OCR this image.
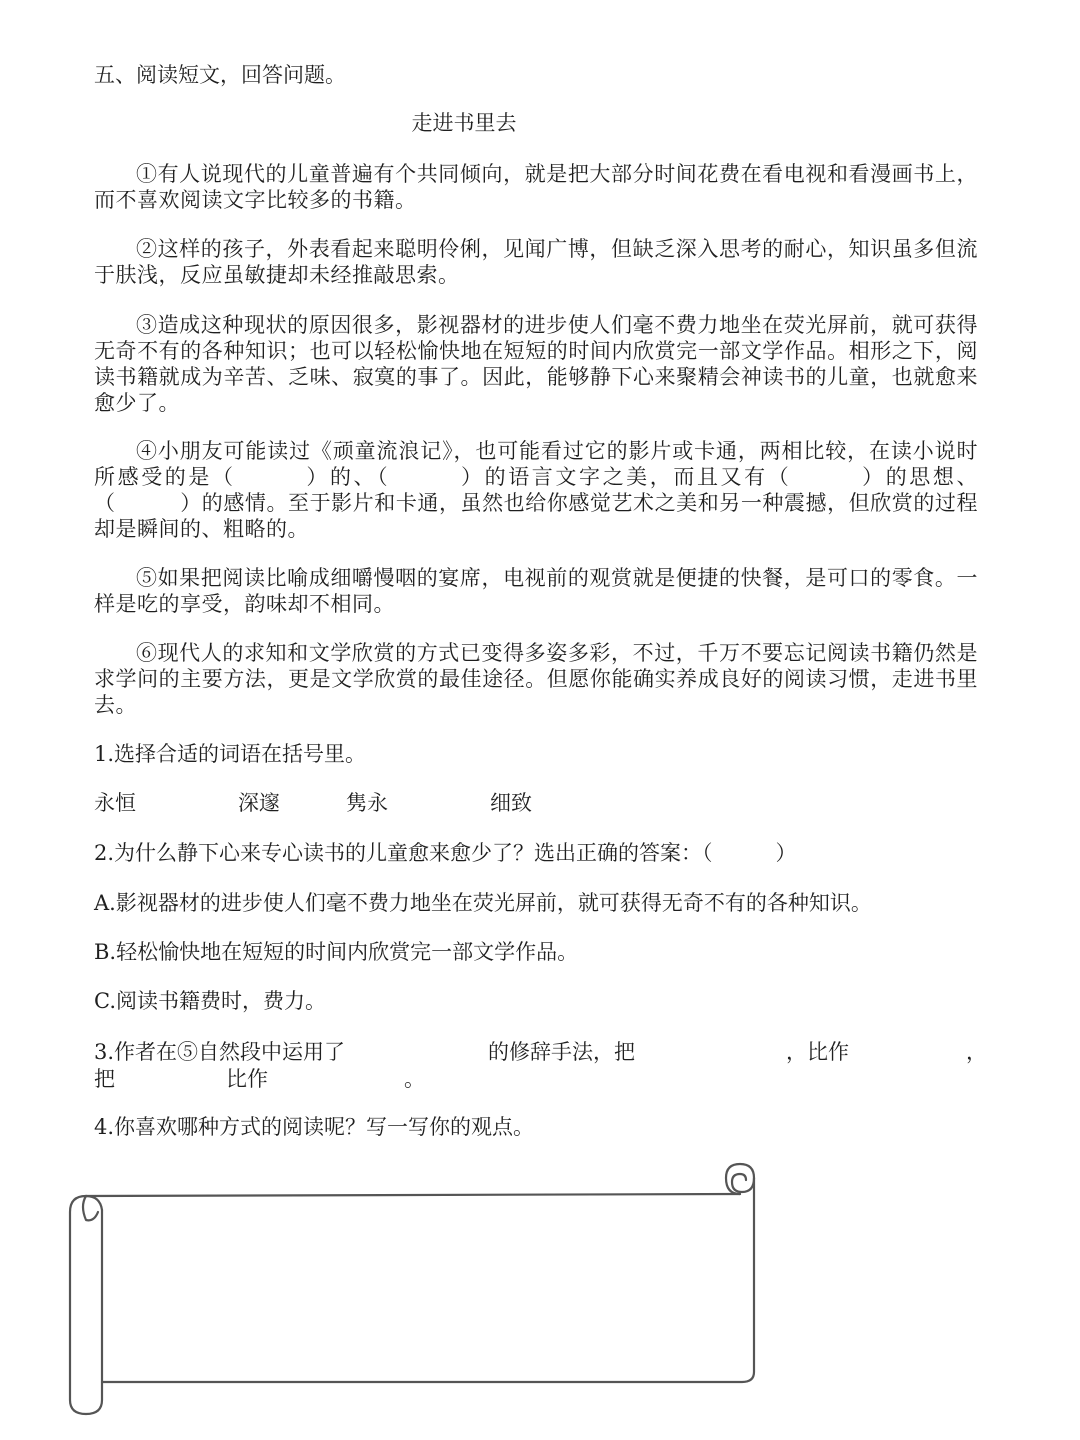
五、阅读短文，回答问题。

走进书里去

①有人说现代的儿童普遍有个共同倾向，就是把大部分时间花费在看电视和看漫画书上，而不喜欢阅读文字比较多的书籍。

②这样的孩子，外表看起来聪明伶俐，见闻广博，但缺乏深入思考的耐心，知识虽多但流于肤浅，反应虽敏捷却未经推敲思索。

③造成这种现状的原因很多，影视器材的进步使人们毫不费力地坐在荧光屏前，就可获得无奇不有的各种知识；也可以轻松愉快地在短短的时间内欣赏完一部文学作品。相形之下，阅读书籍就成为辛苦、乏味、寂寞的事了。因此，能够静下心来聚精会神读书的儿童，也就愈来愈少了。

④小朋友可能读过《顽童流浪记》，也可能看过它的影片或卡通，两相比较，在读小说时所感受的是（　　　）的、（　　　）的语言文字之美，而且又有（　　　）的思想、（　　　）的感情。至于影片和卡通，虽然也给你感觉艺术之美和另一种震撼，但欣赏的过程却是瞬间的、粗略的。

⑤如果把阅读比喻成细嚼慢咽的宴席，电视前的观赏就是便捷的快餐，是可口的零食。一样是吃的享受，韵味却不相同。

⑥现代人的求知和文学欣赏的方式已变得多姿多彩，不过，千万不要忘记阅读书籍仍然是求学问的主要方法，更是文学欣赏的最佳途径。但愿你能确实养成良好的阅读习惯，走进书里去。

1.选择合适的词语在括号里。

永恒	深邃	隽永	细致

2.为什么静下心来专心读书的儿童愈来愈少了？选出正确的答案：（　　　）

A.影视器材的进步使人们毫不费力地坐在荧光屏前，就可获得无奇不有的各种知识。

B.轻松愉快地在短短的时间内欣赏完一部文学作品。

C.阅读书籍费时，费力。

3.作者在⑤自然段中运用了	的修辞手法，把	，比作	，
把	比作	。

4.你喜欢哪种方式的阅读呢？写一写你的观点。
